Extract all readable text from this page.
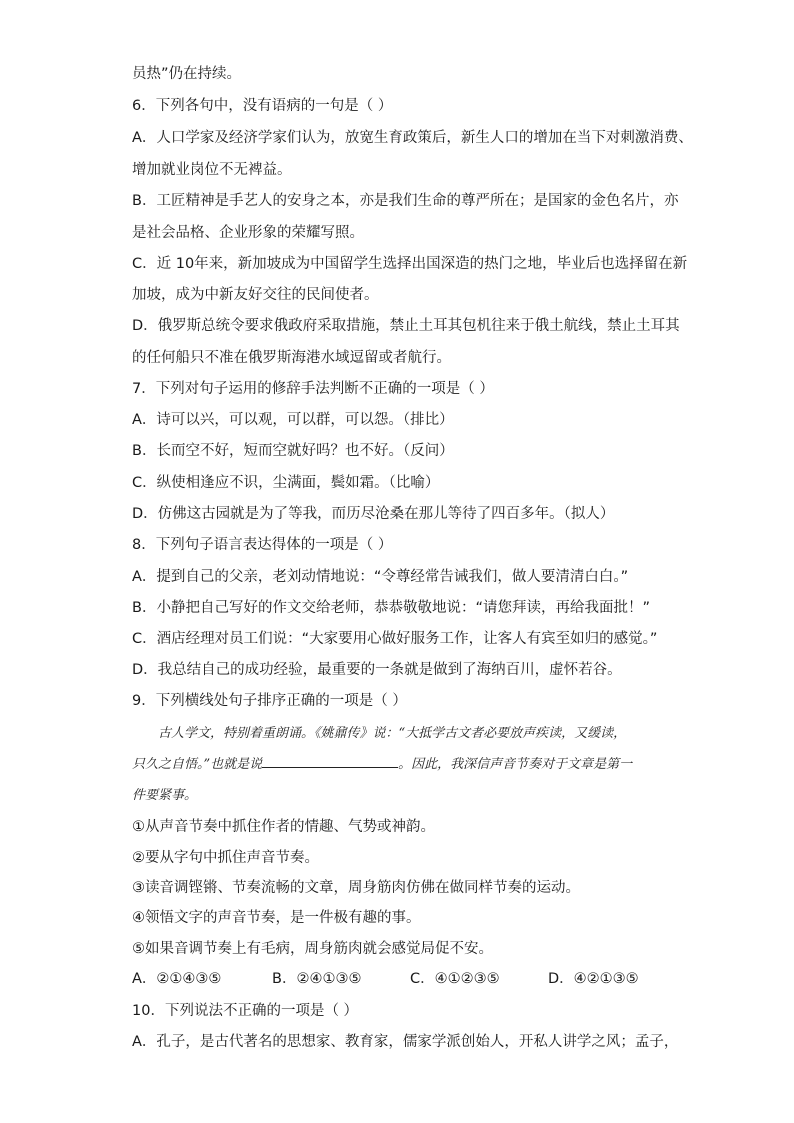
员热”仍在持续。
6．下列各句中，没有语病的一句是（ ）
A．人口学家及经济学家们认为，放宽生育政策后，新生人口的增加在当下对刺激消费、
增加就业岗位不无裨益。
B．工匠精神是手艺人的安身之本，亦是我们生命的尊严所在；是国家的金色名片，亦
是社会品格、企业形象的荣耀写照。
C．近 10年来，新加坡成为中国留学生选择出国深造的热门之地，毕业后也选择留在新
加坡，成为中新友好交往的民间使者。
D．俄罗斯总统令要求俄政府采取措施，禁止土耳其包机往来于俄土航线，禁止土耳其
的任何船只不准在俄罗斯海港水域逗留或者航行。
7．下列对句子运用的修辞手法判断不正确的一项是（ ）
A．诗可以兴，可以观，可以群，可以怨。（排比）
B．长而空不好，短而空就好吗？也不好。（反问）
C．纵使相逢应不识，尘满面，鬓如霜。（比喻）
D．仿佛这古园就是为了等我，而历尽沧桑在那儿等待了四百多年。（拟人）
8．下列句子语言表达得体的一项是（ ）
A．提到自己的父亲，老刘动情地说：“令尊经常告诫我们，做人要清清白白。”
B．小静把自己写好的作文交给老师，恭恭敬敬地说：“请您拜读，再给我面批！”
C．酒店经理对员工们说：“大家要用心做好服务工作，让客人有宾至如归的感觉。”
D．我总结自己的成功经验，最重要的一条就是做到了海纳百川，虚怀若谷。
9．下列横线处句子排序正确的一项是（ ）
古人学文，特别着重朗诵。《姚鼐传》说：“大抵学古文者必要放声疾读，又缓读，
只久之自悟。”也就是说	。因此，我深信声音节奏对于文章是第一
件要紧事。
①从声音节奏中抓住作者的情趣、气势或神韵。
②要从字句中抓住声音节奏。
③读音调铿锵、节奏流畅的文章，周身筋肉仿佛在做同样节奏的运动。
④领悟文字的声音节奏，是一件极有趣的事。
⑤如果音调节奏上有毛病，周身筋肉就会感觉局促不安。
A．②①④③⑤	B．②④①③⑤	C．④①②③⑤	D．④②①③⑤
10．下列说法不正确的一项是（ ）
A．孔子，是古代著名的思想家、教育家，儒家学派创始人，开私人讲学之风；孟子，
